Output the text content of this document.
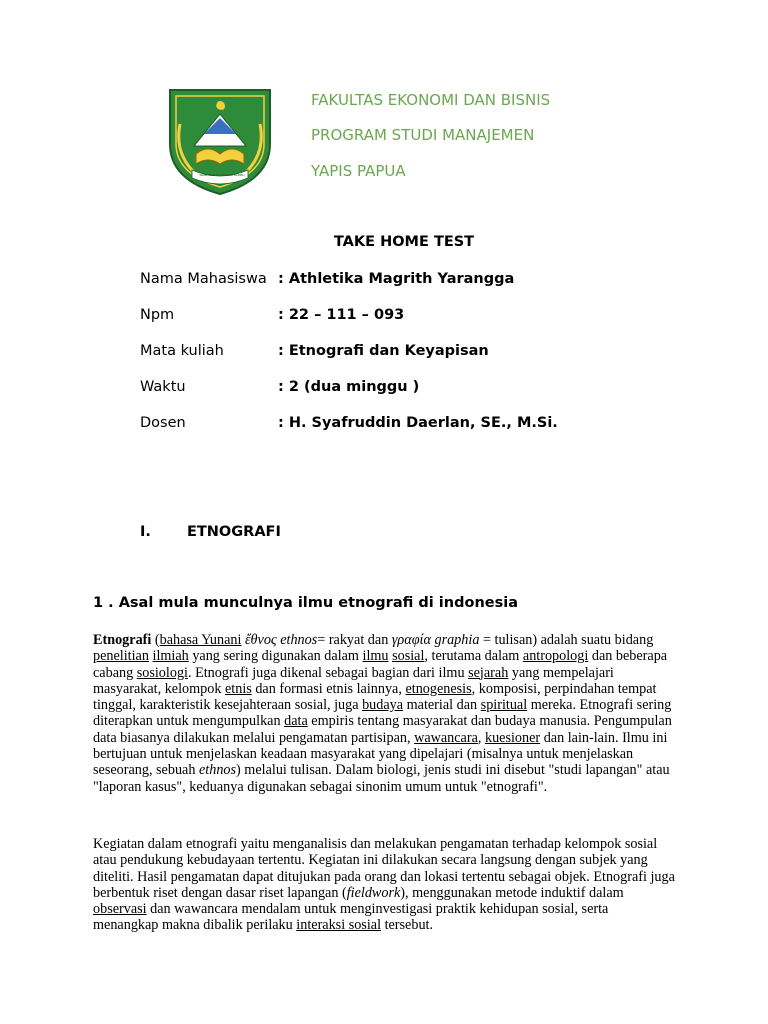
SEBE SERUUKI SERUU RAMBU
FAKULTAS EKONOMI DAN BISNIS
PROGRAM STUDI MANAJEMEN
YAPIS PAPUA
TAKE HOME TEST
Nama Mahasiswa : Athletika Magrith Yarangga
Npm	: 22 – 111 – 093
Mata kuliah	: Etnografi dan Keyapisan
Waktu	: 2 (dua minggu )
Dosen	: H. Syafruddin Daerlan, SE., M.Si.
I. ETNOGRAFI
1 . Asal mula munculnya ilmu etnografi di indonesia
Etnografi (bahasa Yunani ἔθνος ethnos= rakyat dan γραφία graphia = tulisan) adalah suatu bidang penelitian ilmiah yang sering digunakan dalam ilmu sosial, terutama dalam antropologi dan beberapa cabang sosiologi. Etnografi juga dikenal sebagai bagian dari ilmu sejarah yang mempelajari masyarakat, kelompok etnis dan formasi etnis lainnya, etnogenesis, komposisi, perpindahan tempat tinggal, karakteristik kesejahteraan sosial, juga budaya material dan spiritual mereka. Etnografi sering diterapkan untuk mengumpulkan data empiris tentang masyarakat dan budaya manusia. Pengumpulan data biasanya dilakukan melalui pengamatan partisipan, wawancara, kuesioner dan lain-lain. Ilmu ini bertujuan untuk menjelaskan keadaan masyarakat yang dipelajari (misalnya untuk menjelaskan seseorang, sebuah ethnos) melalui tulisan. Dalam biologi, jenis studi ini disebut "studi lapangan" atau "laporan kasus", keduanya digunakan sebagai sinonim umum untuk "etnografi".
Kegiatan dalam etnografi yaitu menganalisis dan melakukan pengamatan terhadap kelompok sosial atau pendukung kebudayaan tertentu. Kegiatan ini dilakukan secara langsung dengan subjek yang diteliti. Hasil pengamatan dapat ditujukan pada orang dan lokasi tertentu sebagai objek. Etnografi juga berbentuk riset dengan dasar riset lapangan (fieldwork), menggunakan metode induktif dalam observasi dan wawancara mendalam untuk menginvestigasi praktik kehidupan sosial, serta menangkap makna dibalik perilaku interaksi sosial tersebut.
